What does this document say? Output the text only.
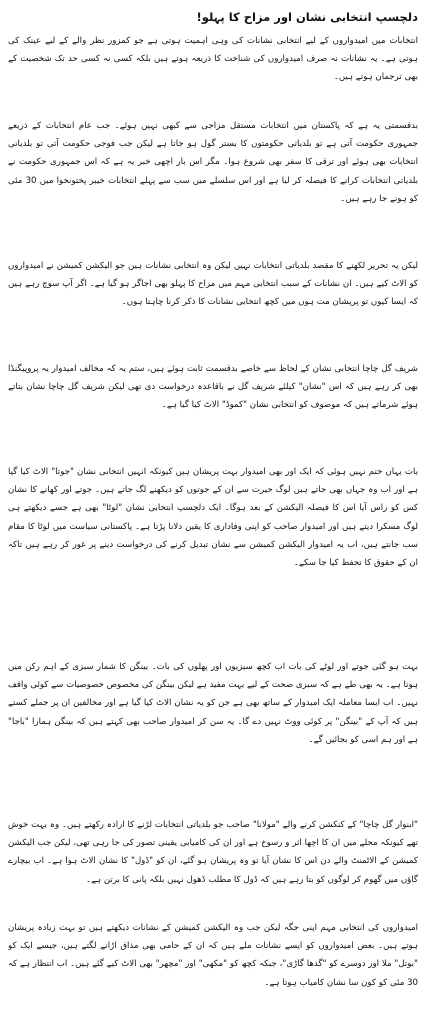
دلچسپ انتخابی نشان اور مزاح کا پہلو!
انتخابات میں امیدواروں کے لیے انتخابی نشانات کی وہی اہمیت ہوتی ہے جو کمزور نظر والے کے لیے عینک کی ہوتی ہے۔ یہ نشانات نہ صرف امیدواروں کی شناخت کا ذریعہ ہوتے ہیں بلکہ کسی نہ کسی حد تک شخصیت کے بھی ترجمان ہوتے ہیں۔
بدقسمتی یہ ہے کہ پاکستان میں انتخابات مستقل مزاجی سے کبھی نہیں ہوئے۔ جب عام انتخابات کے ذریعے جمہوری حکومت آتی ہے تو بلدیاتی حکومتوں کا بستر گول ہو جاتا ہے لیکن جب فوجی حکومت آتی تو بلدیاتی انتخابات بھی ہوئے اور ترقی کا سفر بھی شروع ہوا۔ مگر اس بار اچھی خبر یہ ہے کہ اس جمہوری حکومت نے بلدیاتی انتخابات کرانے کا فیصلہ کر لیا ہے اور اس سلسلے میں سب سے پہلے انتخابات خیبر پختونخوا میں 30 مئی کو ہونے جا رہے ہیں۔
لیکن یہ تحریر لکھنے کا مقصد بلدیاتی انتخابات نہیں لیکن وہ انتخابی نشانات ہیں جو الیکشن کمیشن نے امیدواروں کو الاٹ کیے ہیں۔ ان نشانات کے سبب انتخابی مہم میں مزاح کا پہلو بھی اجاگر ہو گیا ہے۔ اگر آپ سوچ رہے ہیں کہ ایسا کیوں تو پریشان مت ہوں میں کچھ انتخابی نشانات کا ذکر کرنا چاہتا ہوں۔
شریف گل چاچا انتخابی نشان کے لحاظ سے خاصے بدقسمت ثابت ہوئے ہیں، ستم یہ کہ مخالف امیدوار یہ پروپیگنڈا بھی کر رہے ہیں کہ اس "نشان" کیلئے شریف گل نے باقاعدہ درخواست دی تھی لیکن شریف گل چاچا نشان بتاتے ہوئے شرماتے ہیں کہ موصوف کو انتخابی نشان "کموڈ" الاٹ کیا گیا ہے۔
بات یہاں ختم نہیں ہوئی کہ ایک اور بھی امیدوار بہت پریشان ہیں کیونکہ انہیں انتخابی نشان "جوتا" الاٹ کیا گیا ہے اور اب وہ جہاں بھی جاتے ہیں لوگ حیرت سے ان کے جوتوں کو دیکھنے لگ جاتے ہیں۔ جوتے اور کھانے کا نشان کس کو راس آیا اس کا فیصلہ الیکشن کے بعد ہوگا۔ ایک دلچسپ انتخابی نشان "لوٹا" بھی ہے جسے دیکھتے ہی لوگ مسکرا دیتے ہیں اور امیدوار صاحب کو اپنی وفاداری کا یقین دلانا پڑتا ہے۔ پاکستانی سیاست میں لوٹا کا مقام سب جانتے ہیں، اب یہ امیدوار الیکشن کمیشن سے نشان تبدیل کرنے کی درخواست دینے پر غور کر رہے ہیں تاکہ ان کے حقوق کا تحفظ کیا جا سکے۔
بہت ہو گئی جوتے اور لوٹے کی بات اب کچھ سبزیوں اور پھلوں کی بات۔ بینگن کا شمار سبزی کے اہم رکن میں ہوتا ہے۔ یہ بھی طے ہے کہ سبزی صحت کے لیے بہت مفید ہے لیکن بینگن کی مخصوص خصوصیات سے کوئی واقف نہیں۔ اب ایسا معاملہ ایک امیدوار کے ساتھ بھی ہے جن کو یہ نشان الاٹ کیا گیا ہے اور مخالفین ان پر جملے کستے ہیں کہ آپ کے "بینگن" پر کوئی ووٹ نہیں دے گا۔ یہ سن کر امیدوار صاحب بھی کہتے ہیں کہ بینگن ہمارا "باجا" ہے اور ہم اسی کو بجائیں گے۔
"ابنوار گل چاچا" کے کنکشن کرنے والے "مولانا" صاحب جو بلدیاتی انتخابات لڑنے کا ارادہ رکھتے ہیں۔ وہ بہت خوش تھے کیونکہ محلے میں ان کا اچھا اثر و رسوخ ہے اور ان کی کامیابی یقینی تصور کی جا رہی تھی، لیکن جب الیکشن کمیشن کے الاٹمنٹ والے دن اس کا نشان آیا تو وہ پریشان ہو گئے، ان کو "ڈول" کا نشان الاٹ ہوا ہے۔ اب بیچارے گاؤں میں گھوم کر لوگوں کو بتا رہے ہیں کہ ڈول کا مطلب ڈھول نہیں بلکہ پانی کا برتن ہے۔
امیدواروں کی انتخابی مہم اپنی جگہ لیکن جب وہ الیکشن کمیشن کے نشانات دیکھتے ہیں تو بہت زیادہ پریشان ہوتے ہیں۔ بعض امیدواروں کو ایسے نشانات ملے ہیں کہ ان کے حامی بھی مذاق اڑانے لگتے ہیں، جیسے ایک کو "بوتل" ملا اور دوسرے کو "گدھا گاڑی"، جبکہ کچھ کو "مکھی" اور "مچھر" بھی الاٹ کیے گئے ہیں۔ اب انتظار ہے کہ 30 مئی کو کون سا نشان کامیاب ہوتا ہے۔
